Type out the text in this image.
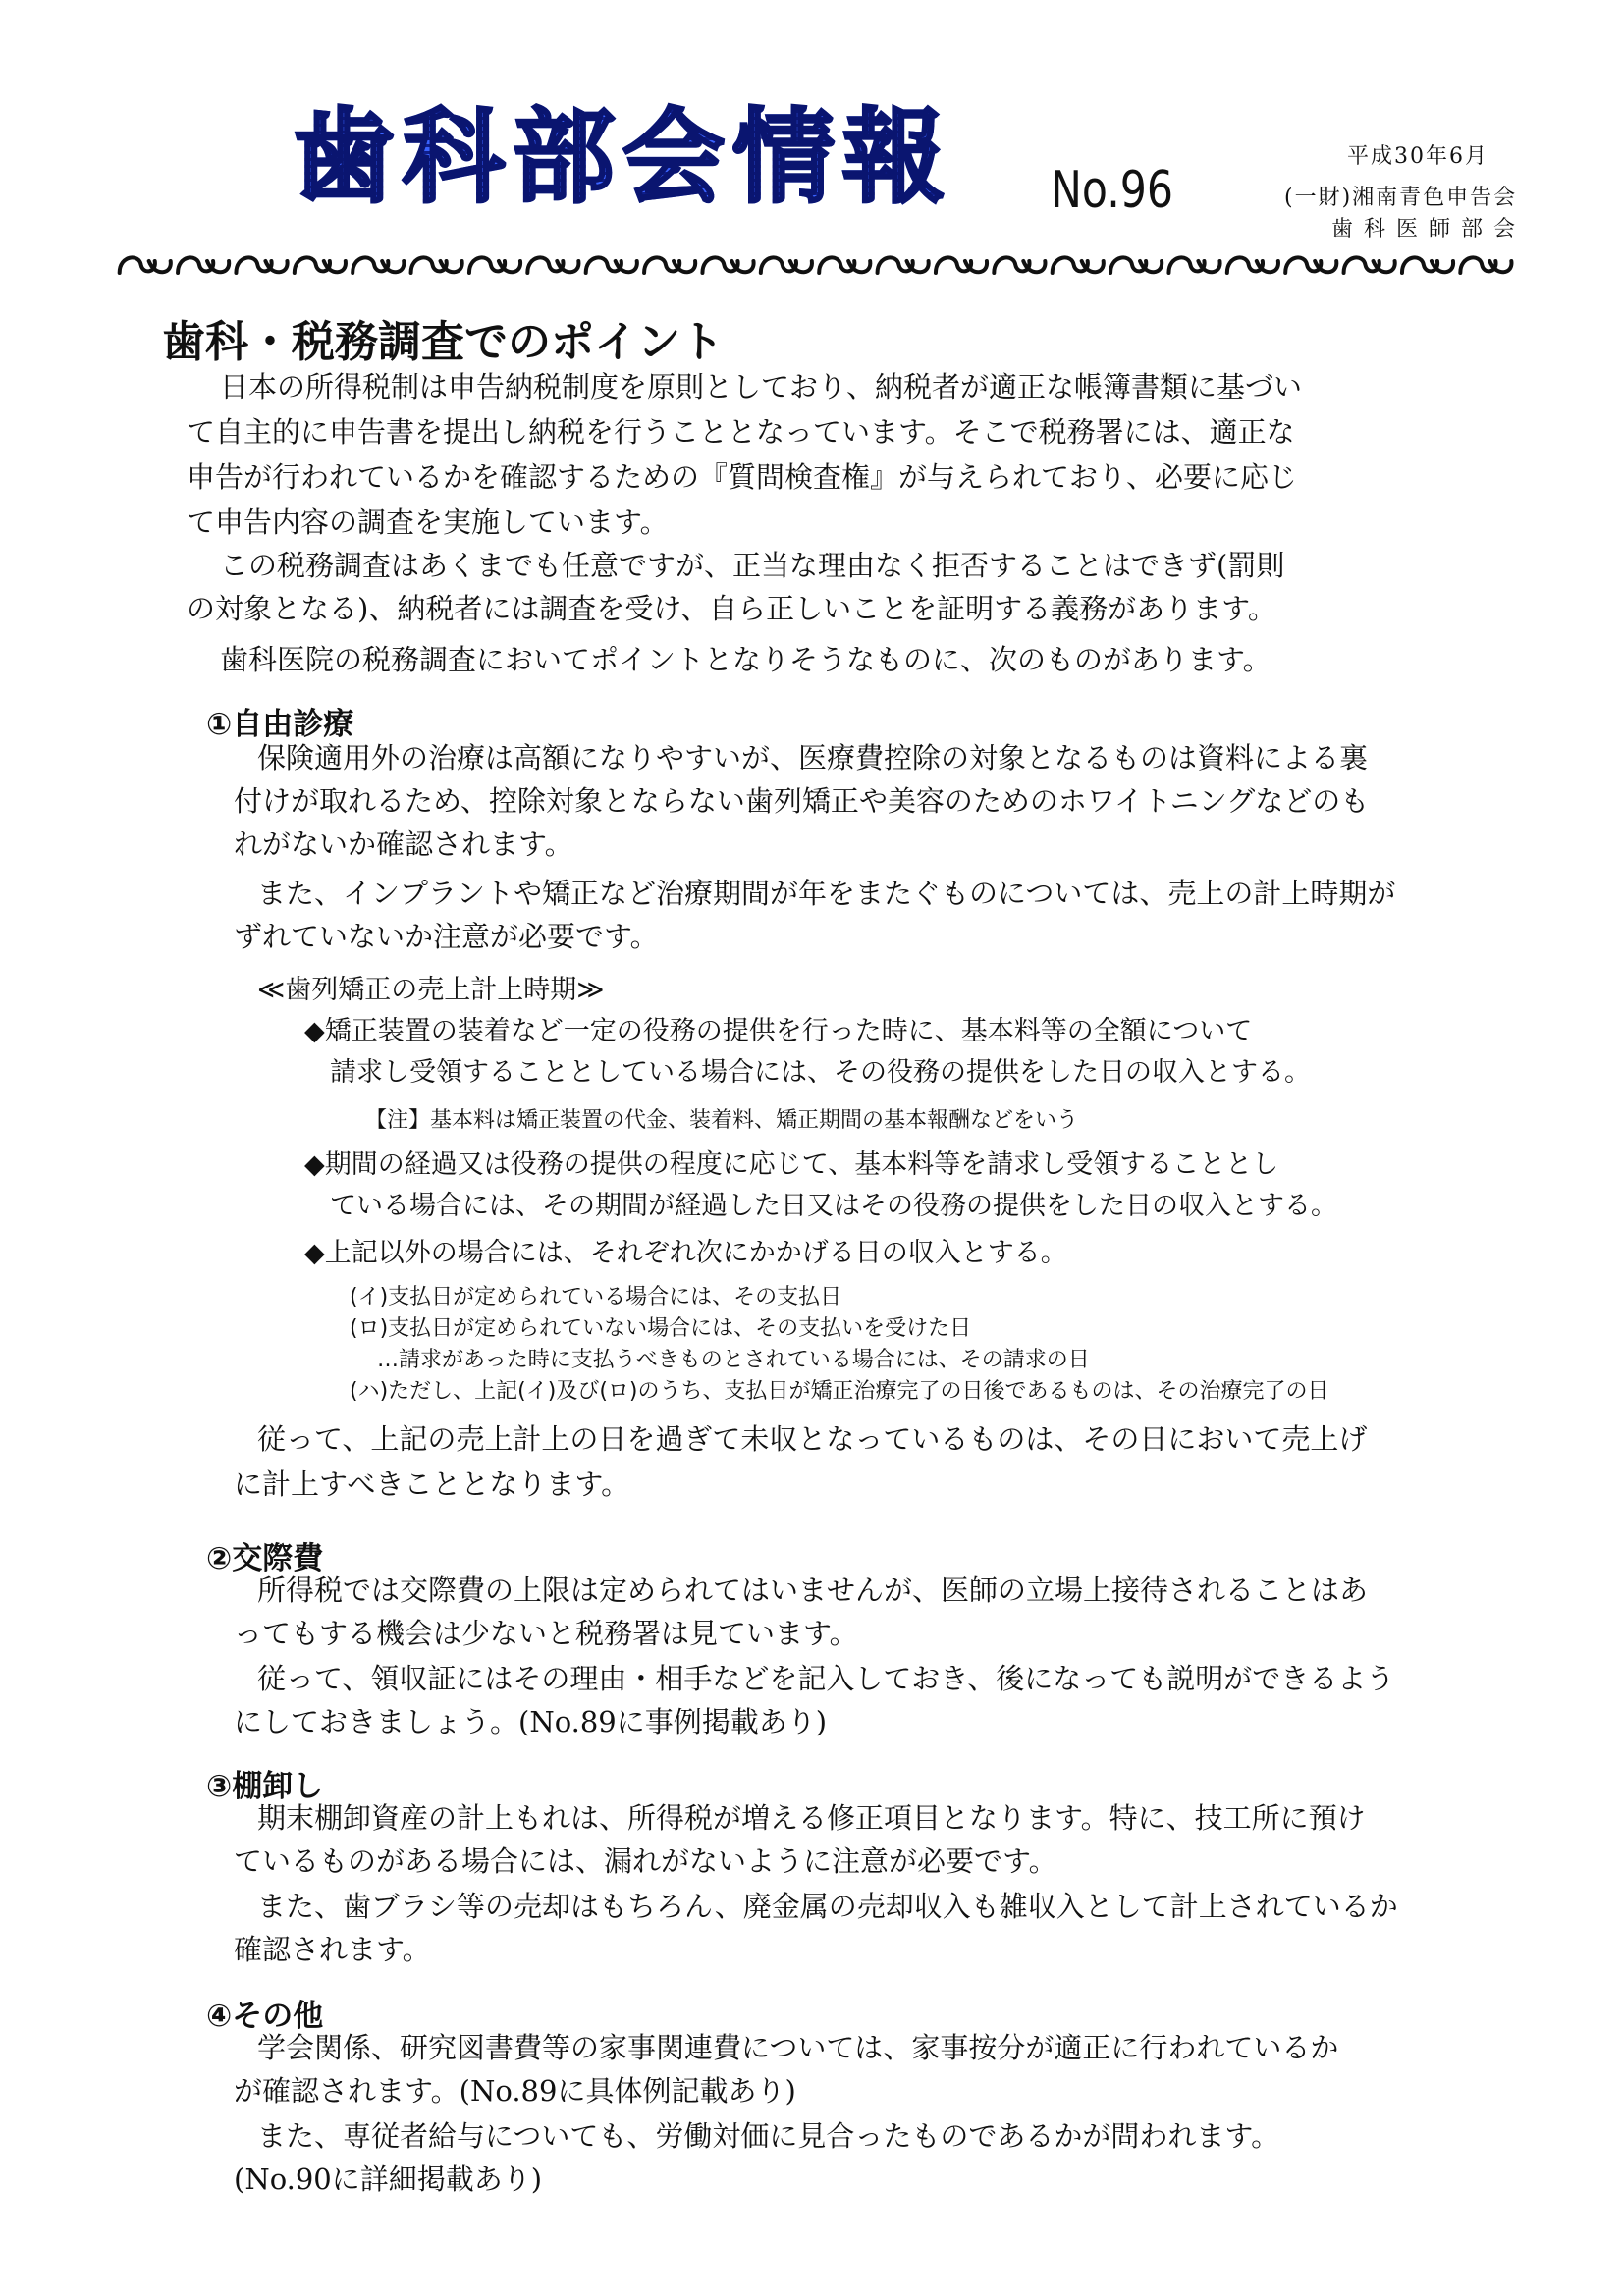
歯科部会情報 No.96
平成30年6月
(一財)湘南青色申告会
歯 科 医 師 部 会
歯科・税務調査でのポイント
日本の所得税制は申告納税制度を原則としており、納税者が適正な帳簿書類に基づい
て自主的に申告書を提出し納税を行うこととなっています。そこで税務署には、適正な
申告が行われているかを確認するための『質問検査権』が与えられており、必要に応じ
て申告内容の調査を実施しています。
この税務調査はあくまでも任意ですが、正当な理由なく拒否することはできず(罰則
の対象となる)、納税者には調査を受け、自ら正しいことを証明する義務があります。
歯科医院の税務調査においてポイントとなりそうなものに、次のものがあります。
①自由診療
保険適用外の治療は高額になりやすいが、医療費控除の対象となるものは資料による裏
付けが取れるため、控除対象とならない歯列矯正や美容のためのホワイトニングなどのも
れがないか確認されます。
また、インプラントや矯正など治療期間が年をまたぐものについては、売上の計上時期が
ずれていないか注意が必要です。
≪歯列矯正の売上計上時期≫
◆矯正装置の装着など一定の役務の提供を行った時に、基本料等の全額について
請求し受領することとしている場合には、その役務の提供をした日の収入とする。
【注】基本料は矯正装置の代金、装着料、矯正期間の基本報酬などをいう
◆期間の経過又は役務の提供の程度に応じて、基本料等を請求し受領することとし
ている場合には、その期間が経過した日又はその役務の提供をした日の収入とする。
◆上記以外の場合には、それぞれ次にかかげる日の収入とする。
(イ)支払日が定められている場合には、その支払日
(ロ)支払日が定められていない場合には、その支払いを受けた日
…請求があった時に支払うべきものとされている場合には、その請求の日
(ハ)ただし、上記(イ)及び(ロ)のうち、支払日が矯正治療完了の日後であるものは、その治療完了の日
従って、上記の売上計上の日を過ぎて未収となっているものは、その日において売上げ
に計上すべきこととなります。
②交際費
所得税では交際費の上限は定められてはいませんが、医師の立場上接待されることはあ
ってもする機会は少ないと税務署は見ています。
従って、領収証にはその理由・相手などを記入しておき、後になっても説明ができるよう
にしておきましょう。(No.89に事例掲載あり)
③棚卸し
期末棚卸資産の計上もれは、所得税が増える修正項目となります。特に、技工所に預け
ているものがある場合には、漏れがないように注意が必要です。
また、歯ブラシ等の売却はもちろん、廃金属の売却収入も雑収入として計上されているか
確認されます。
④その他
学会関係、研究図書費等の家事関連費については、家事按分が適正に行われているか
が確認されます。(No.89に具体例記載あり)
また、専従者給与についても、労働対価に見合ったものであるかが問われます。
(No.90に詳細掲載あり)
